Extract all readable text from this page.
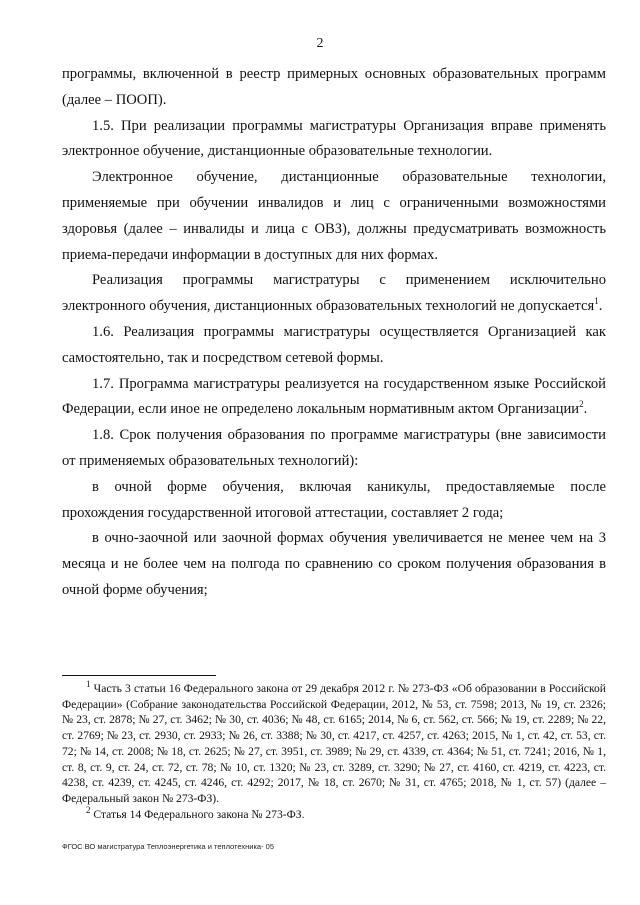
2

программы, включенной в реестр примерных основных образовательных программ (далее – ПООП).

1.5. При реализации программы магистратуры Организация вправе применять электронное обучение, дистанционные образовательные технологии.

Электронное обучение, дистанционные образовательные технологии, применяемые при обучении инвалидов и лиц с ограниченными возможностями здоровья (далее – инвалиды и лица с ОВЗ), должны предусматривать возможность приема-передачи информации в доступных для них формах.

Реализация программы магистратуры с применением исключительно электронного обучения, дистанционных образовательных технологий не допускается$^1$.

1.6. Реализация программы магистратуры осуществляется Организацией как самостоятельно, так и посредством сетевой формы.

1.7. Программа магистратуры реализуется на государственном языке Российской Федерации, если иное не определено локальным нормативным актом Организации$^2$.

1.8. Срок получения образования по программе магистратуры (вне зависимости от применяемых образовательных технологий):

в очной форме обучения, включая каникулы, предоставляемые после прохождения государственной итоговой аттестации, составляет 2 года;

в очно-заочной или заочной формах обучения увеличивается не менее чем на 3 месяца и не более чем на полгода по сравнению со сроком получения образования в очной форме обучения;

$^1$ Часть 3 статьи 16 Федерального закона от 29 декабря 2012 г. № 273-ФЗ «Об образовании в Российской Федерации» (Собрание законодательства Российской Федерации, 2012, № 53, ст. 7598; 2013, № 19, ст. 2326; № 23, ст. 2878; № 27, ст. 3462; № 30, ст. 4036; № 48, ст. 6165; 2014, № 6, ст. 562, ст. 566; № 19, ст. 2289; № 22, ст. 2769; № 23, ст. 2930, ст. 2933; № 26, ст. 3388; № 30, ст. 4217, ст. 4257, ст. 4263; 2015, № 1, ст. 42, ст. 53, ст. 72; № 14, ст. 2008; № 18, ст. 2625; № 27, ст. 3951, ст. 3989; № 29, ст. 4339, ст. 4364; № 51, ст. 7241; 2016, № 1, ст. 8, ст. 9, ст. 24, ст. 72, ст. 78; № 10, ст. 1320; № 23, ст. 3289, ст. 3290; № 27, ст. 4160, ст. 4219, ст. 4223, ст. 4238, ст. 4239, ст. 4245, ст. 4246, ст. 4292; 2017, № 18, ст. 2670; № 31, ст. 4765; 2018, № 1, ст. 57) (далее – Федеральный закон № 273-ФЗ).

$^2$ Статья 14 Федерального закона № 273-ФЗ.

ФГОС ВО магистратура Теплоэнергетика и теплотехника- 05
